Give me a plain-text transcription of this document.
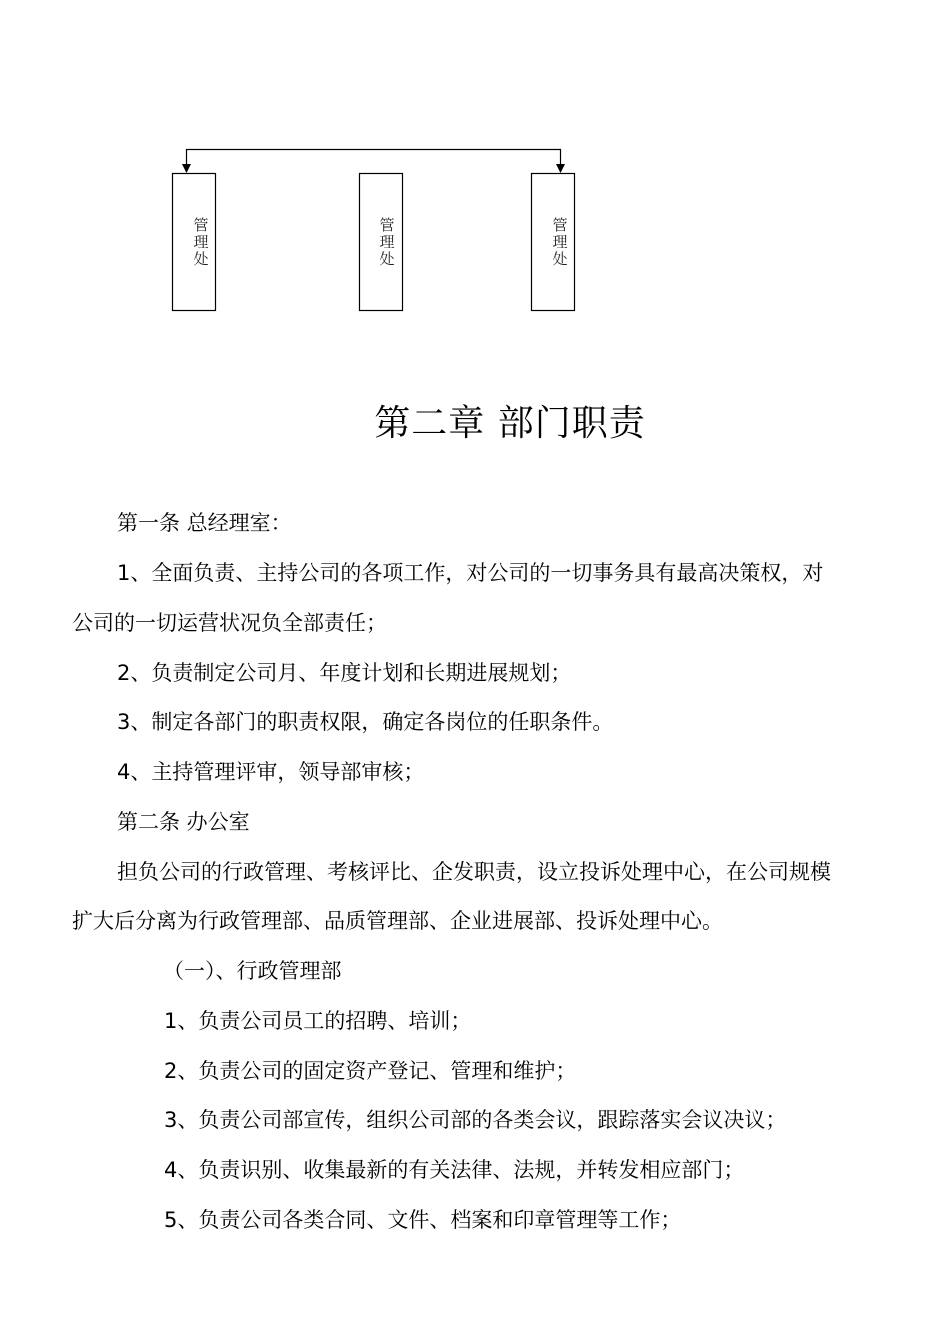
管
理
处
管
理
处
管
理
处
第二章 部门职责

第一条 总经理室：

1、全面负责、主持公司的各项工作，对公司的一切事务具有最高决策权，对

公司的一切运营状况负全部责任；

2、负责制定公司月、年度计划和长期进展规划；

3、制定各部门的职责权限，确定各岗位的任职条件。

4、主持管理评审，领导部审核；

第二条 办公室

担负公司的行政管理、考核评比、企发职责，设立投诉处理中心，在公司规模

扩大后分离为行政管理部、品质管理部、企业进展部、投诉处理中心。

（一）、行政管理部

1、负责公司员工的招聘、培训；

2、负责公司的固定资产登记、管理和维护；

3、负责公司部宣传，组织公司部的各类会议，跟踪落实会议决议；

4、负责识别、收集最新的有关法律、法规，并转发相应部门；

5、负责公司各类合同、文件、档案和印章管理等工作；
